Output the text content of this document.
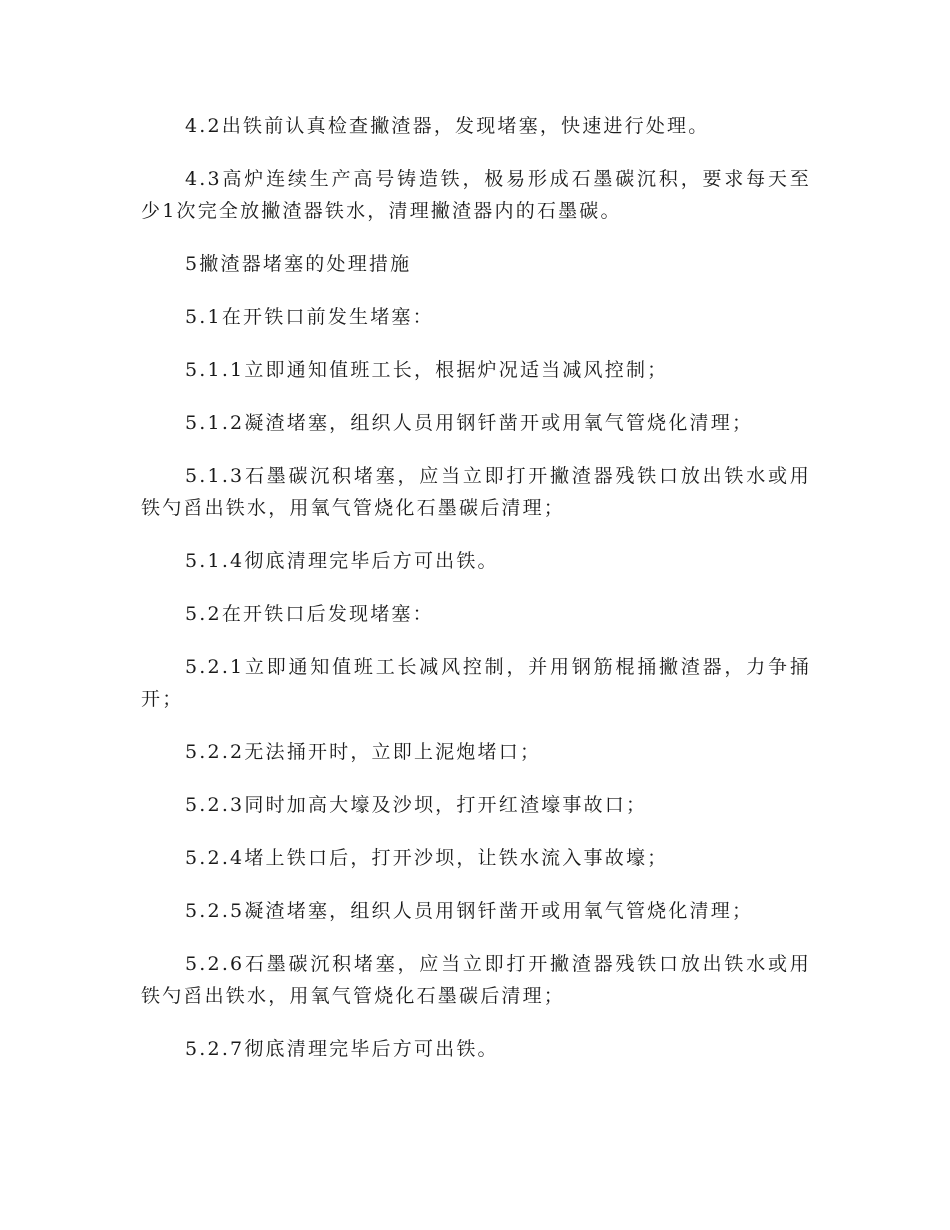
4.2出铁前认真检查撇渣器，发现堵塞，快速进行处理。

4.3高炉连续生产高号铸造铁，极易形成石墨碳沉积，要求每天至少1次完全放撇渣器铁水，清理撇渣器内的石墨碳。

5撇渣器堵塞的处理措施

5.1在开铁口前发生堵塞：

5.1.1立即通知值班工长，根据炉况适当减风控制；

5.1.2凝渣堵塞，组织人员用钢钎凿开或用氧气管烧化清理；

5.1.3石墨碳沉积堵塞，应当立即打开撇渣器残铁口放出铁水或用铁勺舀出铁水，用氧气管烧化石墨碳后清理；

5.1.4彻底清理完毕后方可出铁。

5.2在开铁口后发现堵塞：

5.2.1立即通知值班工长减风控制，并用钢筋棍捅撇渣器，力争捅开；

5.2.2无法捅开时，立即上泥炮堵口；

5.2.3同时加高大壕及沙坝，打开红渣壕事故口；

5.2.4堵上铁口后，打开沙坝，让铁水流入事故壕；

5.2.5凝渣堵塞，组织人员用钢钎凿开或用氧气管烧化清理；

5.2.6石墨碳沉积堵塞，应当立即打开撇渣器残铁口放出铁水或用铁勺舀出铁水，用氧气管烧化石墨碳后清理；

5.2.7彻底清理完毕后方可出铁。
